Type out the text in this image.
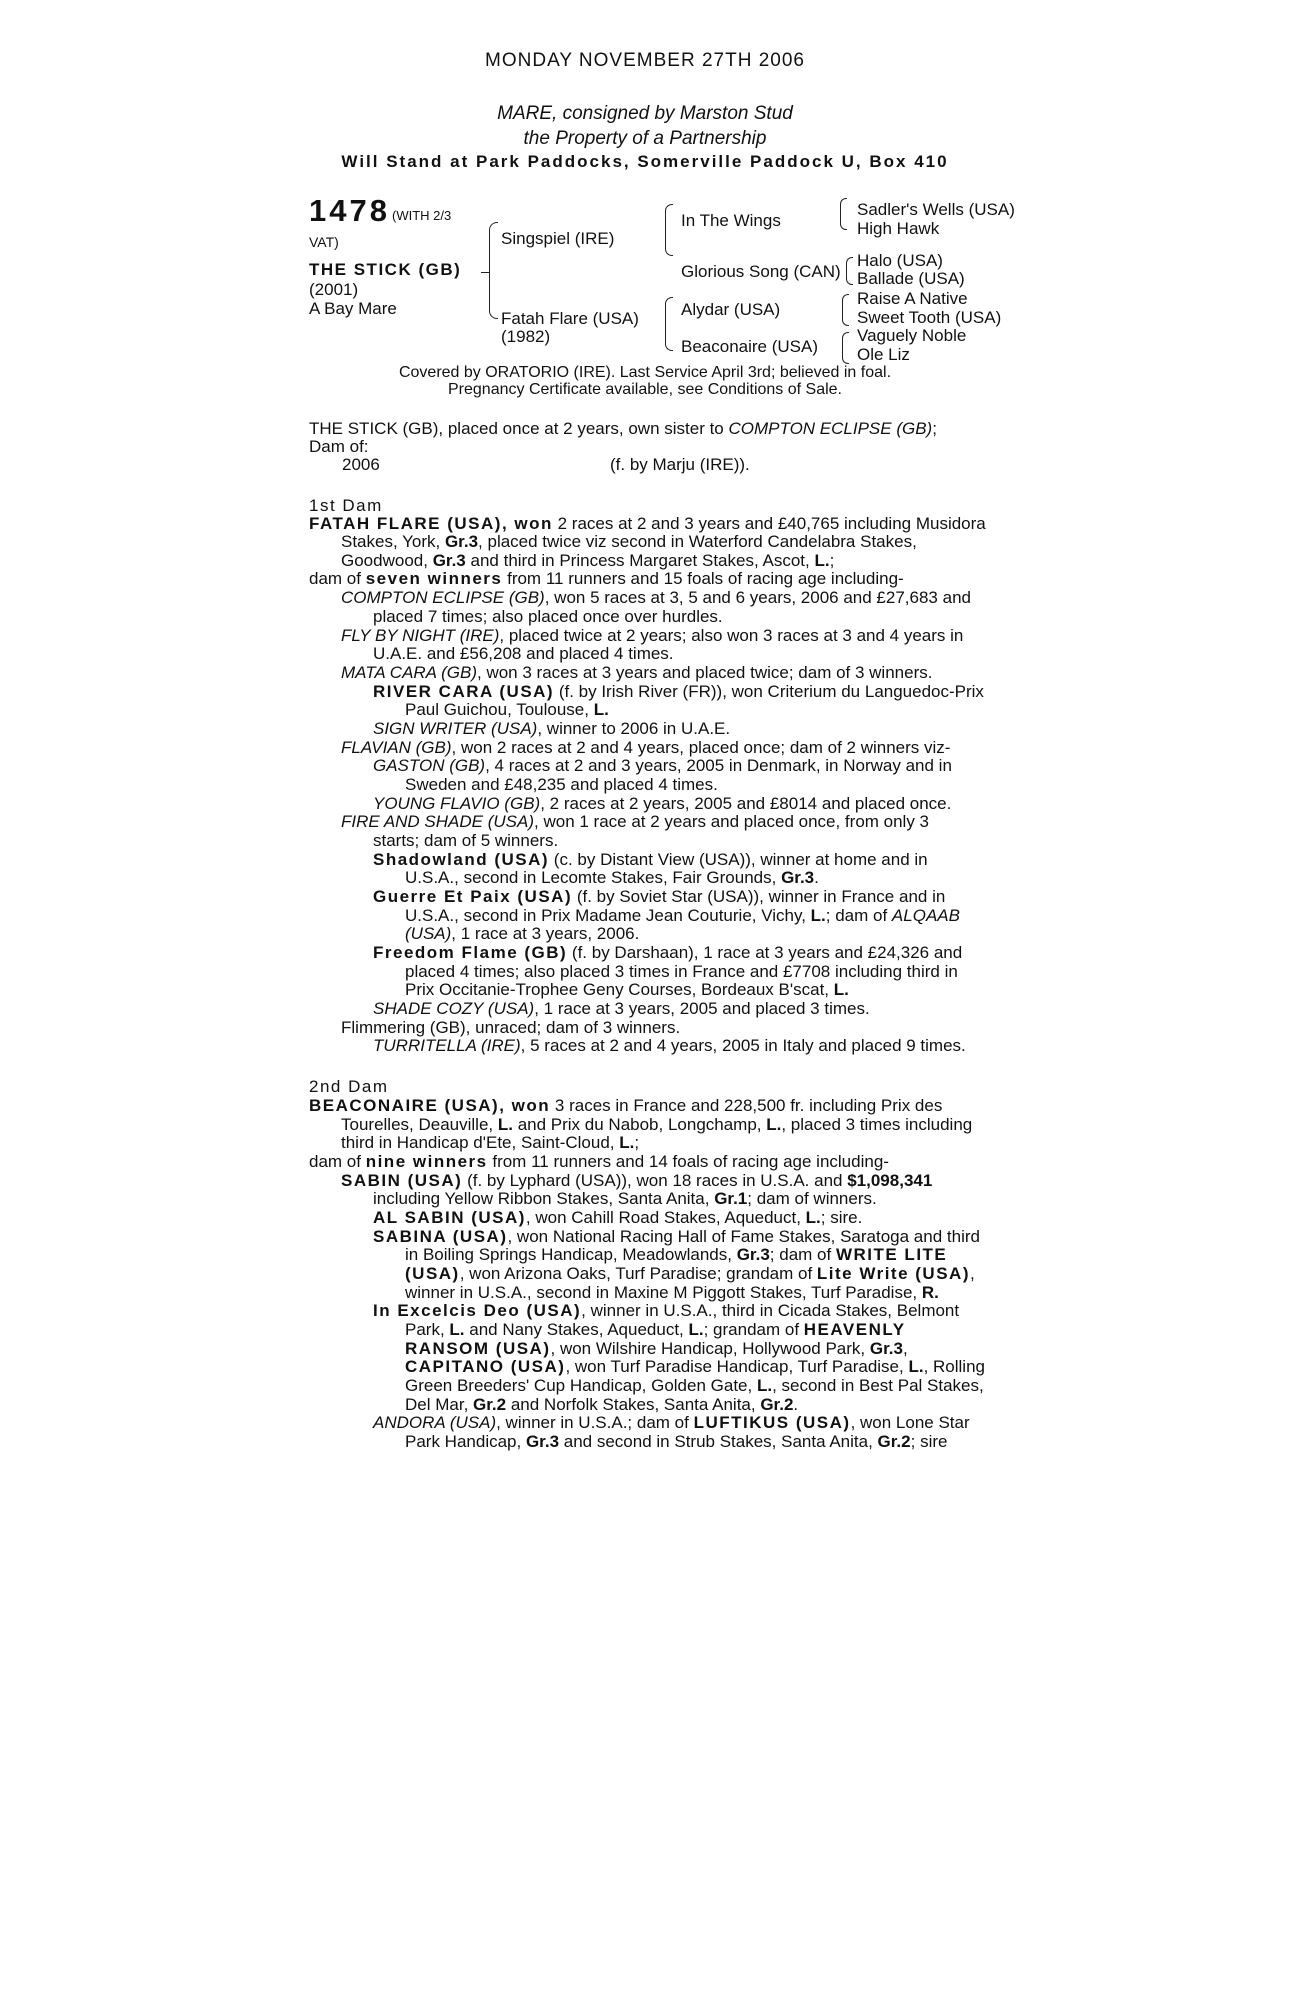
MONDAY NOVEMBER 27TH 2006
MARE, consigned by Marston Stud
the Property of a Partnership
Will Stand at Park Paddocks, Somerville Paddock U, Box 410
1478 (WITH 2/3
VAT)
THE STICK (GB)
(2001)
A Bay Mare
Singspiel (IRE)
Fatah Flare (USA)
(1982)
In The Wings
Glorious Song (CAN)
Alydar (USA)
Beaconaire (USA)
Sadler's Wells (USA)
High Hawk
Halo (USA)
Ballade (USA)
Raise A Native
Sweet Tooth (USA)
Vaguely Noble
Ole Liz
Covered by ORATORIO (IRE). Last Service April 3rd; believed in foal.
Pregnancy Certificate available, see Conditions of Sale.
THE STICK (GB), placed once at 2 years, own sister to COMPTON ECLIPSE (GB);
Dam of:
2006	(f. by Marju (IRE)).
1st Dam
FATAH FLARE (USA), won 2 races at 2 and 3 years and £40,765 including Musidora
Stakes, York, Gr.3, placed twice viz second in Waterford Candelabra Stakes,
Goodwood, Gr.3 and third in Princess Margaret Stakes, Ascot, L.;
dam of seven winners from 11 runners and 15 foals of racing age including-
COMPTON ECLIPSE (GB), won 5 races at 3, 5 and 6 years, 2006 and £27,683 and
placed 7 times; also placed once over hurdles.
FLY BY NIGHT (IRE), placed twice at 2 years; also won 3 races at 3 and 4 years in
U.A.E. and £56,208 and placed 4 times.
MATA CARA (GB), won 3 races at 3 years and placed twice; dam of 3 winners.
RIVER CARA (USA) (f. by Irish River (FR)), won Criterium du Languedoc-Prix
Paul Guichou, Toulouse, L.
SIGN WRITER (USA), winner to 2006 in U.A.E.
FLAVIAN (GB), won 2 races at 2 and 4 years, placed once; dam of 2 winners viz-
GASTON (GB), 4 races at 2 and 3 years, 2005 in Denmark, in Norway and in
Sweden and £48,235 and placed 4 times.
YOUNG FLAVIO (GB), 2 races at 2 years, 2005 and £8014 and placed once.
FIRE AND SHADE (USA), won 1 race at 2 years and placed once, from only 3
starts; dam of 5 winners.
Shadowland (USA) (c. by Distant View (USA)), winner at home and in
U.S.A., second in Lecomte Stakes, Fair Grounds, Gr.3.
Guerre Et Paix (USA) (f. by Soviet Star (USA)), winner in France and in
U.S.A., second in Prix Madame Jean Couturie, Vichy, L.; dam of ALQAAB
(USA), 1 race at 3 years, 2006.
Freedom Flame (GB) (f. by Darshaan), 1 race at 3 years and £24,326 and
placed 4 times; also placed 3 times in France and £7708 including third in
Prix Occitanie-Trophee Geny Courses, Bordeaux B'scat, L.
SHADE COZY (USA), 1 race at 3 years, 2005 and placed 3 times.
Flimmering (GB), unraced; dam of 3 winners.
TURRITELLA (IRE), 5 races at 2 and 4 years, 2005 in Italy and placed 9 times.
2nd Dam
BEACONAIRE (USA), won 3 races in France and 228,500 fr. including Prix des
Tourelles, Deauville, L. and Prix du Nabob, Longchamp, L., placed 3 times including
third in Handicap d'Ete, Saint-Cloud, L.;
dam of nine winners from 11 runners and 14 foals of racing age including-
SABIN (USA) (f. by Lyphard (USA)), won 18 races in U.S.A. and $1,098,341
including Yellow Ribbon Stakes, Santa Anita, Gr.1; dam of winners.
AL SABIN (USA), won Cahill Road Stakes, Aqueduct, L.; sire.
SABINA (USA), won National Racing Hall of Fame Stakes, Saratoga and third
in Boiling Springs Handicap, Meadowlands, Gr.3; dam of WRITE LITE
(USA), won Arizona Oaks, Turf Paradise; grandam of Lite Write (USA),
winner in U.S.A., second in Maxine M Piggott Stakes, Turf Paradise, R.
In Excelcis Deo (USA), winner in U.S.A., third in Cicada Stakes, Belmont
Park, L. and Nany Stakes, Aqueduct, L.; grandam of HEAVENLY
RANSOM (USA), won Wilshire Handicap, Hollywood Park, Gr.3,
CAPITANO (USA), won Turf Paradise Handicap, Turf Paradise, L., Rolling
Green Breeders' Cup Handicap, Golden Gate, L., second in Best Pal Stakes,
Del Mar, Gr.2 and Norfolk Stakes, Santa Anita, Gr.2.
ANDORA (USA), winner in U.S.A.; dam of LUFTIKUS (USA), won Lone Star
Park Handicap, Gr.3 and second in Strub Stakes, Santa Anita, Gr.2; sire
